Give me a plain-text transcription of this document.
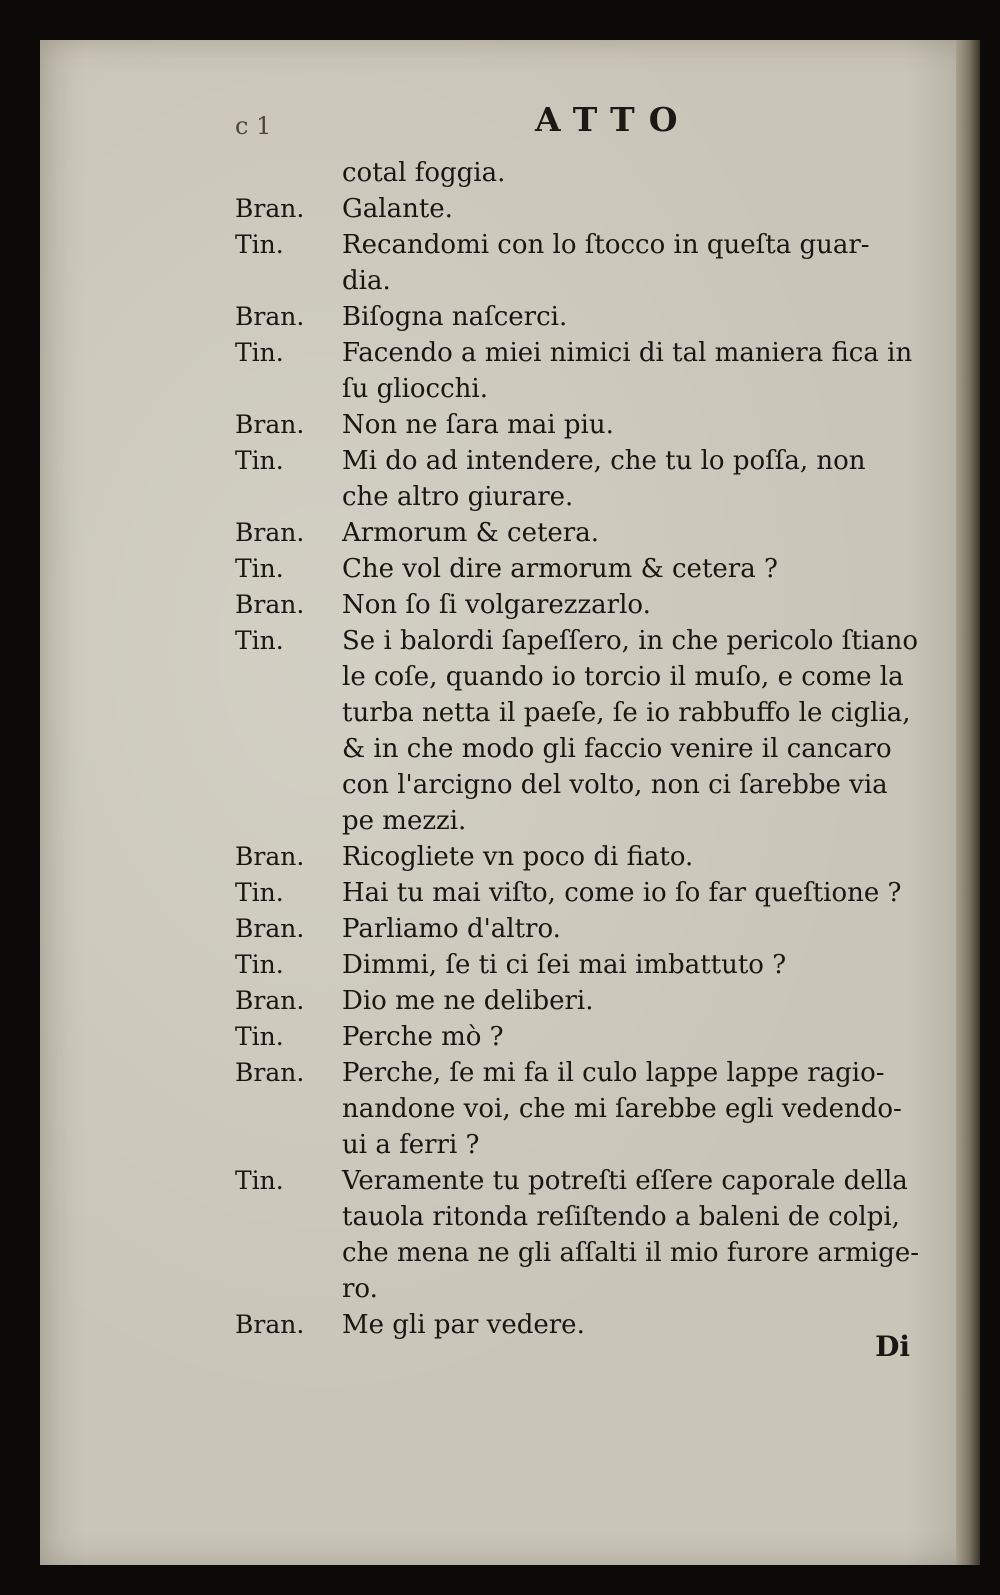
c 1	ATTO
cotal foggia.
Bran.	Galante.
Tin.	Recandomi con lo ſtocco in queſta guar-
dia.
Bran.	Biſogna naſcerci.
Tin.	Facendo a miei nimici di tal maniera fica in
ſu gliocchi.
Bran.	Non ne ſara mai piu.
Tin.	Mi do ad intendere, che tu lo poſſa, non
che altro giurare.
Bran.	Armorum & cetera.
Tin.	Che vol dire armorum & cetera ?
Bran.	Non ſo ſi volgarezzarlo.
Tin.	Se i balordi ſapeſſero, in che pericolo ſtiano
le coſe, quando io torcio il muſo, e come la
turba netta il paeſe, ſe io rabbuffo le ciglia,
& in che modo gli faccio venire il cancaro
con l'arcigno del volto, non ci ſarebbe via
pe mezzi.
Bran.	Ricogliete vn poco di fiato.
Tin.	Hai tu mai viſto, come io ſo far queſtione ?
Bran.	Parliamo d'altro.
Tin.	Dimmi, ſe ti ci ſei mai imbattuto ?
Bran.	Dio me ne deliberi.
Tin.	Perche mò ?
Bran.	Perche, ſe mi fa il culo lappe lappe ragio-
nandone voi, che mi ſarebbe egli vedendo-
ui a ferri ?
Tin.	Veramente tu potreſti eſſere caporale della
tauola ritonda reſiſtendo a baleni de colpi,
che mena ne gli aſſalti il mio furore armige-
ro.
Bran.	Me gli par vedere.
Di
